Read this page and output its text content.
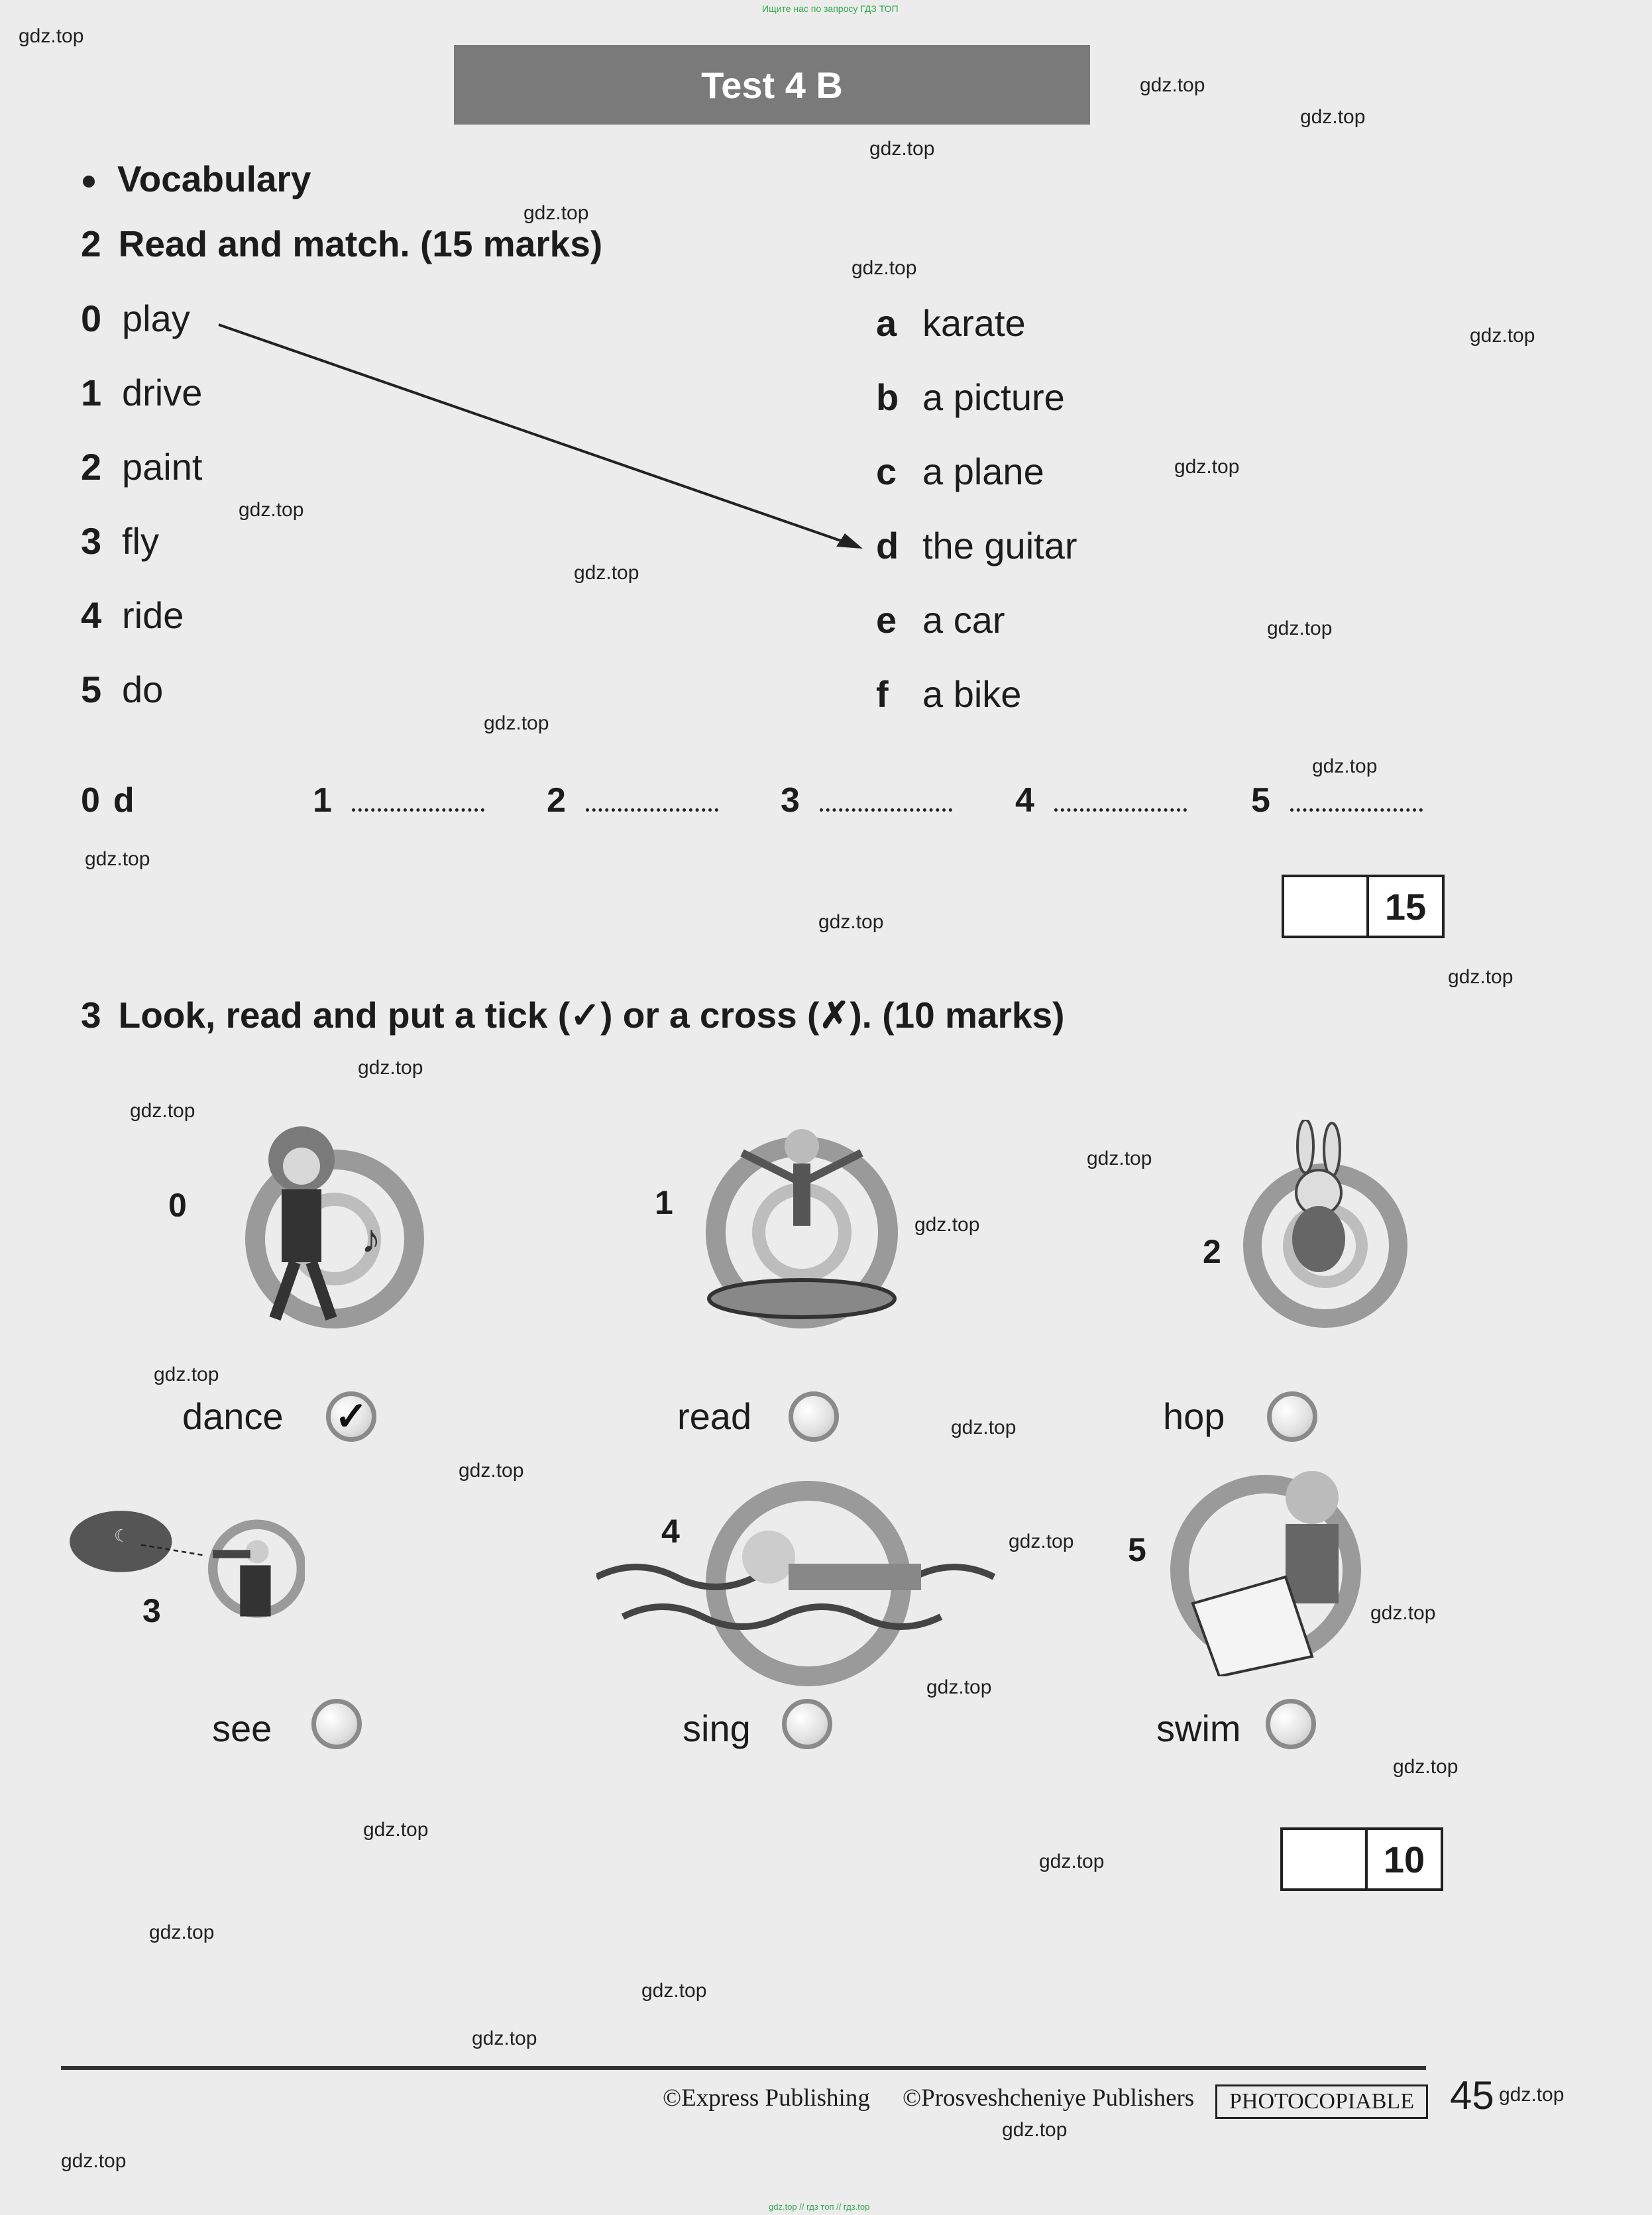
Ищите нас по запросу ГДЗ ТОП
Test 4 B
Vocabulary
2 Read and match. (15 marks)
0 play
1 drive
2 paint
3 fly
4 ride
5 do
a karate
b a picture
c a plane
d the guitar
e a car
f a bike
0 d	1	2	3	4	5
15
3 Look, read and put a tick (✓) or a cross (✗). (10 marks)
♪
0	1
2
dance ✓	read	hop
☾
3
4	5
see	sing	swim
10
©Express Publishing ©Prosveshcheniye Publishers	PHOTOCOPIABLE 45
gdz.top
gdz.top
gdz.top
gdz.top
gdz.top
gdz.top
gdz.top
gdz.top
gdz.top
gdz.top
gdz.top
gdz.top
gdz.top
gdz.top
gdz.top
gdz.top
gdz.top
gdz.top
gdz.top
gdz.top
gdz.top
gdz.top
gdz.top
gdz.top
gdz.top
gdz.top
gdz.top
gdz.top
gdz.top
gdz.top
gdz.top
gdz.top
gdz.top
gdz.top
gdz.top
gdz.top // гдз топ // гдз.top
